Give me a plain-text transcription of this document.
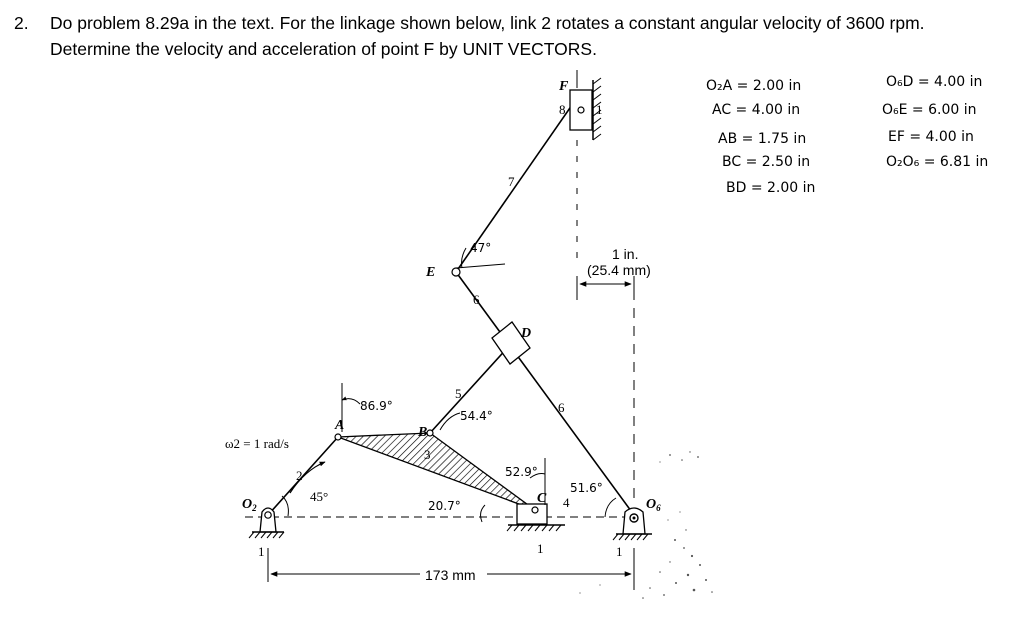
2. Do problem 8.29a in the text. For the linkage shown below, link 2 rotates a constant angular velocity of 3600 rpm.
Determine the velocity and acceleration of point F by UNIT VECTORS.
A	B
C
D
E
F
$O_2$	$O_6$
2
3
4
5
6
6
7
8 1
1	1	1
ω2 = 1 rad/s
45°
1 in.
(25.4 mm)
173 mm
86.9°
54.4°
47°
52.9°
51.6°
20.7°
O₂A = 2.00 in
AC = 4.00 in
AB = 1.75 in
BC = 2.50 in
BD = 2.00 in
O₆D = 4.00 in
O₆E = 6.00 in
EF = 4.00 in
O₂O₆ = 6.81 in
